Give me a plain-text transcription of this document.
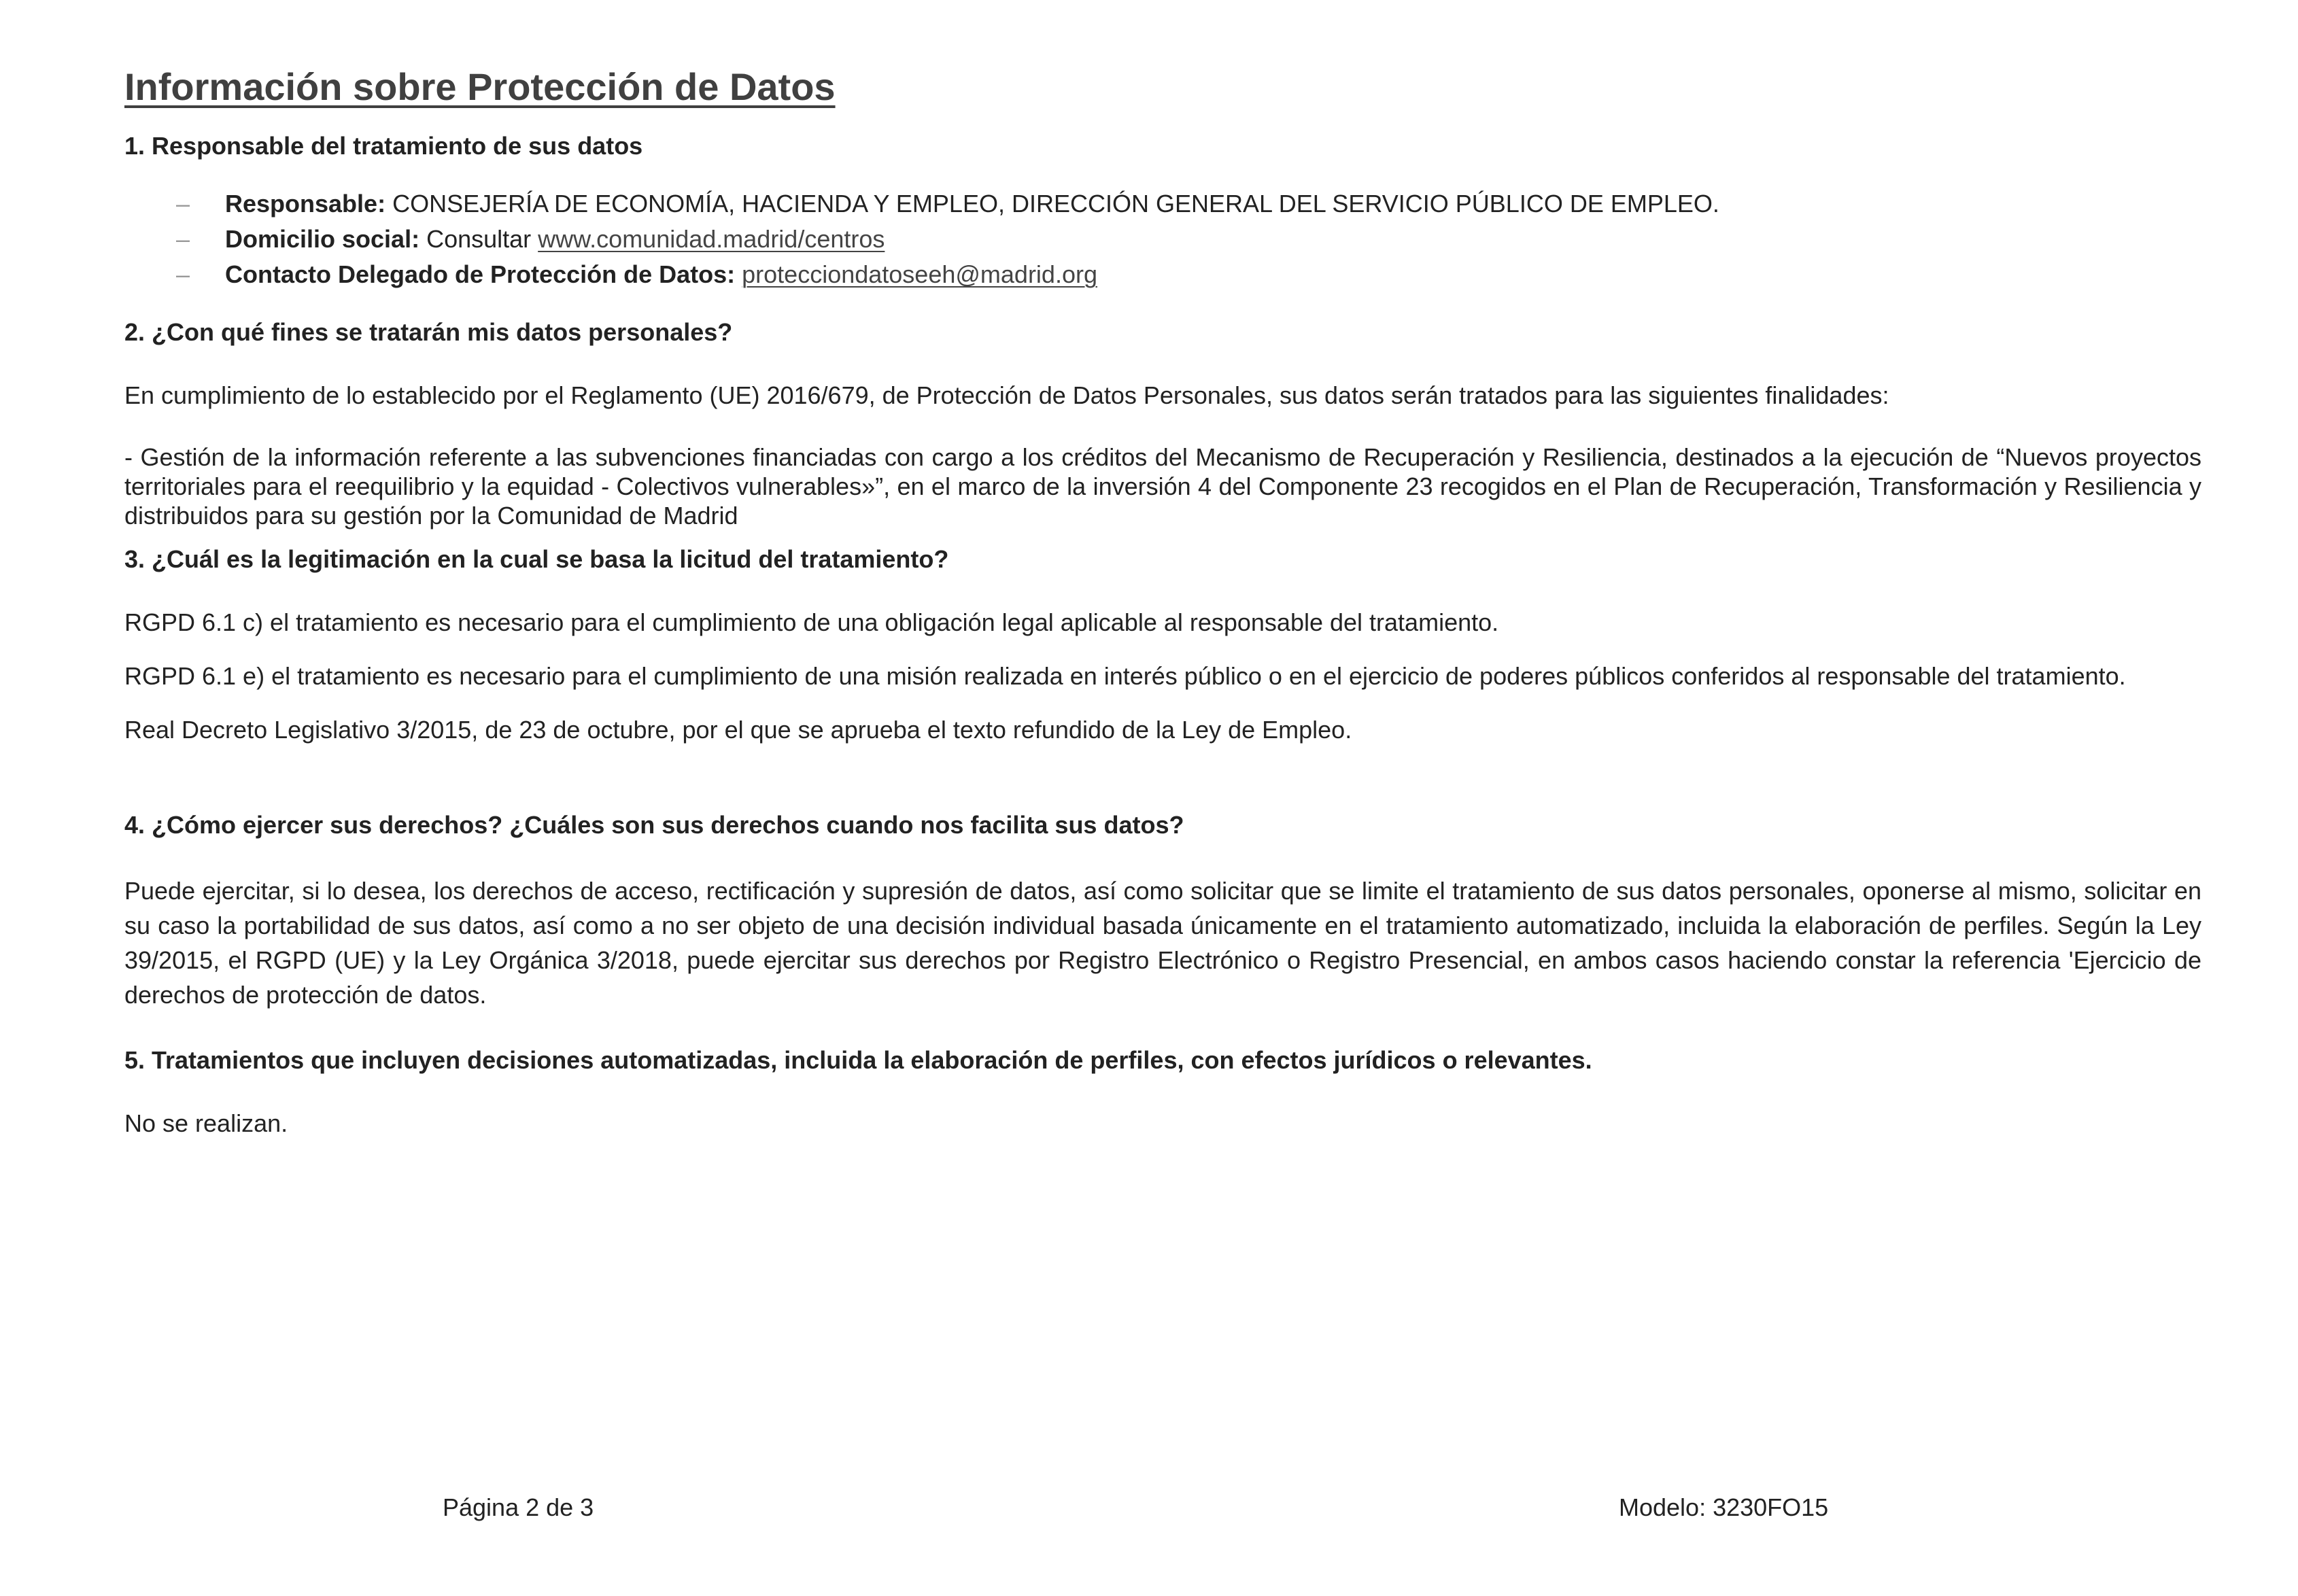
Información sobre Protección de Datos
1. Responsable del tratamiento de sus datos
– Responsable: CONSEJERÍA DE ECONOMÍA, HACIENDA Y EMPLEO, DIRECCIÓN GENERAL DEL SERVICIO PÚBLICO DE EMPLEO.
– Domicilio social: Consultar www.comunidad.madrid/centros
– Contacto Delegado de Protección de Datos: protecciondatoseeh@madrid.org
2. ¿Con qué fines se tratarán mis datos personales?

En cumplimiento de lo establecido por el Reglamento (UE) 2016/679, de Protección de Datos Personales, sus datos serán tratados para las siguientes finalidades:

- Gestión de la información referente a las subvenciones financiadas con cargo a los créditos del Mecanismo de Recuperación y Resiliencia, destinados a la ejecución de “Nuevos proyectos territoriales para el reequilibrio y la equidad - Colectivos vulnerables»”, en el marco de la inversión 4 del Componente 23 recogidos en el Plan de Recuperación, Transformación y Resiliencia y distribuidos para su gestión por la Comunidad de Madrid

3. ¿Cuál es la legitimación en la cual se basa la licitud del tratamiento?

RGPD 6.1 c) el tratamiento es necesario para el cumplimiento de una obligación legal aplicable al responsable del tratamiento.

RGPD 6.1 e) el tratamiento es necesario para el cumplimiento de una misión realizada en interés público o en el ejercicio de poderes públicos conferidos al responsable del tratamiento.

Real Decreto Legislativo 3/2015, de 23 de octubre, por el que se aprueba el texto refundido de la Ley de Empleo.

4. ¿Cómo ejercer sus derechos? ¿Cuáles son sus derechos cuando nos facilita sus datos?

Puede ejercitar, si lo desea, los derechos de acceso, rectificación y supresión de datos, así como solicitar que se limite el tratamiento de sus datos personales, oponerse al mismo, solicitar en su caso la portabilidad de sus datos, así como a no ser objeto de una decisión individual basada únicamente en el tratamiento automatizado, incluida la elaboración de perfiles. Según la Ley 39/2015, el RGPD (UE) y la Ley Orgánica 3/2018, puede ejercitar sus derechos por Registro Electrónico o Registro Presencial, en ambos casos haciendo constar la referencia 'Ejercicio de derechos de protección de datos.

5. Tratamientos que incluyen decisiones automatizadas, incluida la elaboración de perfiles, con efectos jurídicos o relevantes.

No se realizan.

Página 2 de 3	Modelo: 3230FO15
